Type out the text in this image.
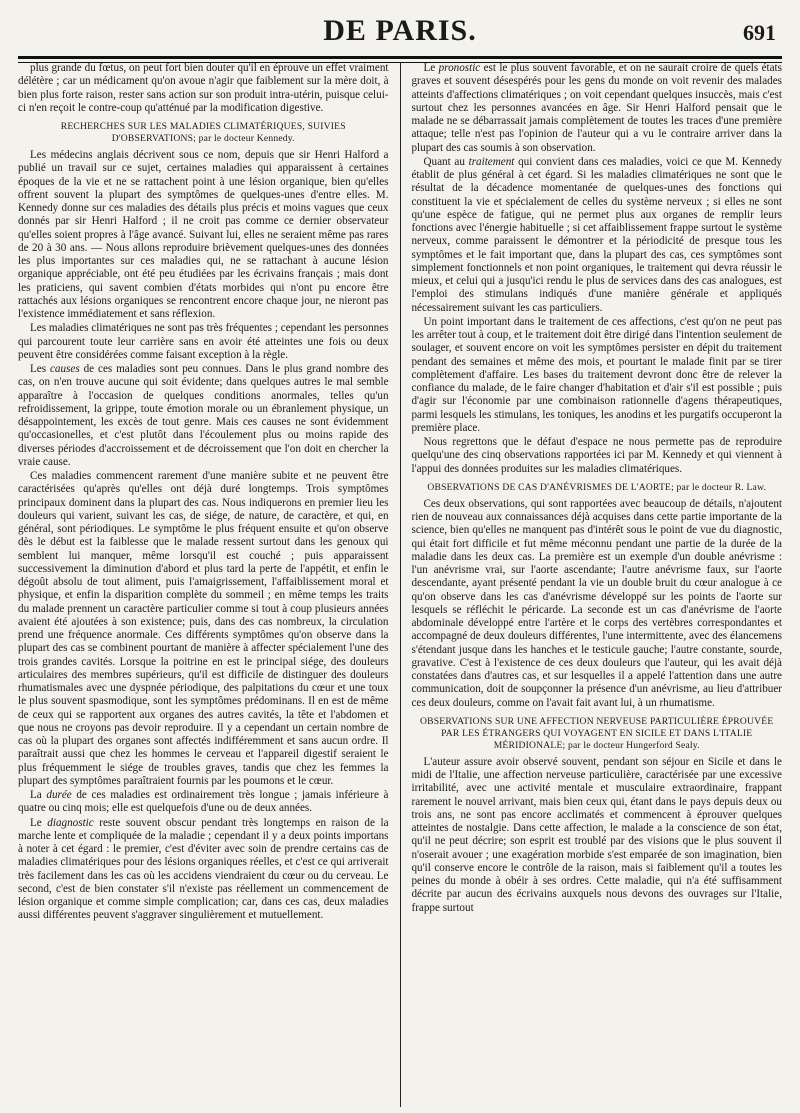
DE PARIS.	691

plus grande du fœtus, on peut fort bien douter qu'il en éprouve un effet vraiment délétère ; car un médicament qu'on avoue n'agir que faiblement sur la mère doit, à bien plus forte raison, rester sans action sur son produit intra-utérin, puisque celui-ci n'en reçoit le contre-coup qu'atténué par la modification digestive.

RECHERCHES SUR LES MALADIES CLIMATÉRIQUES, SUIVIES D'OBSERVATIONS; par le docteur Kennedy.

Les médecins anglais décrivent sous ce nom, depuis que sir Henri Halford a publié un travail sur ce sujet, certaines maladies qui apparaissent à certaines époques de la vie et ne se rattachent point à une lésion organique, bien qu'elles offrent souvent la plupart des symptômes de quelques-unes d'entre elles. M. Kennedy donne sur ces maladies des détails plus précis et moins vagues que ceux donnés par sir Henri Halford ; il ne croit pas comme ce dernier observateur qu'elles soient propres à l'âge avancé. Suivant lui, elles ne seraient même pas rares de 20 à 30 ans. — Nous allons reproduire brièvement quelques-unes des données les plus importantes sur ces maladies qui, ne se rattachant à aucune lésion organique appréciable, ont été peu étudiées par les écrivains français ; mais dont les praticiens, qui savent combien d'états morbides qui n'ont pu encore être rattachés aux lésions organiques se rencontrent encore chaque jour, ne nieront pas l'existence immédiatement et sans réflexion.

Les maladies climatériques ne sont pas très fréquentes ; cependant les personnes qui parcourent toute leur carrière sans en avoir été atteintes une fois ou deux peuvent être considérées comme faisant exception à la règle.

Les causes de ces maladies sont peu connues. Dans le plus grand nombre des cas, on n'en trouve aucune qui soit évidente; dans quelques autres le mal semble apparaître à l'occasion de quelques conditions anormales, telles qu'un refroidissement, la grippe, toute émotion morale ou un ébranlement physique, un désappointement, les excès de tout genre. Mais ces causes ne sont évidemment qu'occasionelles, et c'est plutôt dans l'écoulement plus ou moins rapide des diverses périodes d'accroissement et de décroissement que l'on doit en chercher la vraie cause.

Ces maladies commencent rarement d'une manière subite et ne peuvent être caractérisées qu'après qu'elles ont déjà duré longtemps. Trois symptômes principaux dominent dans la plupart des cas. Nous indiquerons en premier lieu les douleurs qui varient, suivant les cas, de siége, de nature, de caractère, et qui, en général, sont périodiques. Le symptôme le plus fréquent ensuite et qu'on observe dès le début est la faiblesse que le malade ressent surtout dans les genoux qui semblent lui manquer, même lorsqu'il est couché ; puis apparaissent successivement la diminution d'abord et plus tard la perte de l'appétit, et enfin le dégoût absolu de tout aliment, puis l'amaigrissement, l'affaiblissement moral et physique, et enfin la disparition complète du sommeil ; en même temps les traits du malade prennent un caractère particulier comme si tout à coup plusieurs années avaient été ajoutées à son existence; puis, dans des cas nombreux, la circulation prend une fréquence anormale. Ces différents symptômes qu'on observe dans la plupart des cas se combinent pourtant de manière à affecter spécialement l'une des trois grandes cavités. Lorsque la poitrine en est le principal siége, des douleurs articulaires des membres supérieurs, qu'il est difficile de distinguer des douleurs rhumatismales avec une dyspnée périodique, des palpitations du cœur et une toux le plus souvent spasmodique, sont les symptômes prédominans. Il en est de même de ceux qui se rapportent aux organes des autres cavités, la tête et l'abdomen et que nous ne croyons pas devoir reproduire. Il y a cependant un certain nombre de cas où la plupart des organes sont affectés indifféremment et sans aucun ordre. Il paraîtrait aussi que chez les hommes le cerveau et l'appareil digestif seraient le plus fréquemment le siége de troubles graves, tandis que chez les femmes la plupart des symptômes paraîtraient fournis par les poumons et le cœur.

La durée de ces maladies est ordinairement très longue ; jamais inférieure à quatre ou cinq mois; elle est quelquefois d'une ou de deux années.

Le diagnostic reste souvent obscur pendant très longtemps en raison de la marche lente et compliquée de la maladie ; cependant il y a deux points importans à noter à cet égard : le premier, c'est d'éviter avec soin de prendre certains cas de maladies climatériques pour des lésions organiques réelles, et c'est ce qui arriverait très facilement dans les cas où les accidens viendraient du cœur ou du cerveau. Le second, c'est de bien constater s'il n'existe pas réellement un commencement de lésion organique et comme simple complication; car, dans ces cas, deux maladies aussi différentes peuvent s'aggraver singulièrement et mutuellement.

Le pronostic est le plus souvent favorable, et on ne saurait croire de quels états graves et souvent désespérés pour les gens du monde on voit revenir des malades atteints d'affections climatériques ; on voit cependant quelques insuccès, mais c'est surtout chez les personnes avancées en âge. Sir Henri Halford pensait que le malade ne se débarrassait jamais complètement de toutes les traces d'une première attaque; telle n'est pas l'opinion de l'auteur qui a vu le contraire arriver dans la plupart des cas soumis à son observation.

Quant au traitement qui convient dans ces maladies, voici ce que M. Kennedy établit de plus général à cet égard. Si les maladies climatériques ne sont que le résultat de la décadence momentanée de quelques-unes des fonctions qui constituent la vie et spécialement de celles du système nerveux ; si elles ne sont qu'une espèce de fatigue, qui ne permet plus aux organes de remplir leurs fonctions avec l'énergie habituelle ; si cet affaiblissement frappe surtout le système nerveux, comme paraissent le démontrer et la périodicité de presque tous les symptômes et le fait important que, dans la plupart des cas, ces symptômes sont simplement fonctionnels et non point organiques, le traitement qui devra réussir le mieux, et celui qui a jusqu'ici rendu le plus de services dans des cas analogues, est l'emploi des stimulans indiqués d'une manière générale et appliqués nécessairement suivant les cas particuliers.

Un point important dans le traitement de ces affections, c'est qu'on ne peut pas les arrêter tout à coup, et le traitement doit être dirigé dans l'intention seulement de soulager, et souvent encore on voit les symptômes persister en dépit du traitement pendant des semaines et même des mois, et pourtant le malade finit par se tirer complètement d'affaire. Les bases du traitement devront donc être de relever la confiance du malade, de le faire changer d'habitation et d'air s'il est possible ; puis d'agir sur l'économie par une combinaison rationnelle d'agens thérapeutiques, parmi lesquels les stimulans, les toniques, les anodins et les purgatifs occuperont la première place.

Nous regrettons que le défaut d'espace ne nous permette pas de reproduire quelqu'une des cinq observations rapportées ici par M. Kennedy et qui viennent à l'appui des données produites sur les maladies climatériques.

OBSERVATIONS DE CAS D'ANÉVRISMES DE L'AORTE; par le docteur R. Law.

Ces deux observations, qui sont rapportées avec beaucoup de détails, n'ajoutent rien de nouveau aux connaissances déjà acquises dans cette partie importante de la science, bien qu'elles ne manquent pas d'intérêt sous le point de vue du diagnostic, qui était fort difficile et fut même méconnu pendant une partie de la durée de la maladie dans les deux cas. La première est un exemple d'un double anévrisme : l'un anévrisme vrai, sur l'aorte ascendante; l'autre anévrisme faux, sur l'aorte descendante, ayant présenté pendant la vie un double bruit du cœur analogue à ce qu'on observe dans les cas d'anévrisme développé sur les points de l'aorte sur lesquels se réfléchit le péricarde. La seconde est un cas d'anévrisme de l'aorte abdominale développé entre l'artère et le corps des vertèbres correspondantes et accompagné de deux douleurs différentes, l'une intermittente, avec des élancemens s'étendant jusque dans les hanches et le testicule gauche; l'autre constante, sourde, gravative. C'est à l'existence de ces deux douleurs que l'auteur, qui les avait déjà constatées dans d'autres cas, et sur lesquelles il a appelé l'attention dans une autre communication, doit de soupçonner la présence d'un anévrisme, au lieu d'attribuer ces deux douleurs, comme on l'avait fait avant lui, à un rhumatisme.

OBSERVATIONS SUR UNE AFFECTION NERVEUSE PARTICULIÈRE ÉPROUVÉE PAR LES ÉTRANGERS QUI VOYAGENT EN SICILE ET DANS L'ITALIE MÉRIDIONALE; par le docteur Hungerford Sealy.

L'auteur assure avoir observé souvent, pendant son séjour en Sicile et dans le midi de l'Italie, une affection nerveuse particulière, caractérisée par une excessive irritabilité, avec une activité mentale et musculaire extraordinaire, frappant rarement le nouvel arrivant, mais bien ceux qui, étant dans le pays depuis deux ou trois ans, ne sont pas encore acclimatés et commencent à éprouver quelques atteintes de nostalgie. Dans cette affection, le malade a la conscience de son état, qu'il ne peut décrire; son esprit est troublé par des visions que le plus souvent il n'oserait avouer ; une exagération morbide s'est emparée de son imagination, bien qu'il conserve encore le contrôle de la raison, mais si faiblement qu'il a toutes les peines du monde à obéir à ses ordres. Cette maladie, qui n'a été suffisamment décrite par aucun des écrivains auxquels nous devons des ouvrages sur l'Italie, frappe surtout
